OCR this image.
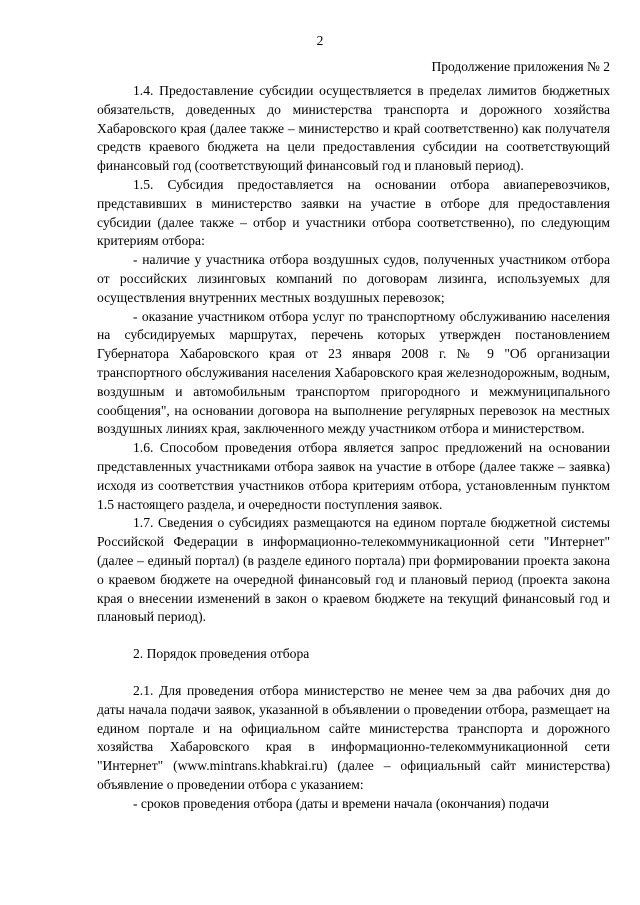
2
Продолжение приложения № 2

1.4. Предоставление субсидии осуществляется в пределах лимитов бюджетных обязательств, доведенных до министерства транспорта и дорожного хозяйства Хабаровского края (далее также – министерство и край соответственно) как получателя средств краевого бюджета на цели предоставления субсидии на соответствующий финансовый год (соответствующий финансовый год и плановый период).

1.5. Субсидия предоставляется на основании отбора авиаперевозчиков, представивших в министерство заявки на участие в отборе для предоставления субсидии (далее также – отбор и участники отбора соответственно), по следующим критериям отбора:

- наличие у участника отбора воздушных судов, полученных участником отбора от российских лизинговых компаний по договорам лизинга, используемых для осуществления внутренних местных воздушных перевозок;

- оказание участником отбора услуг по транспортному обслуживанию населения на субсидируемых маршрутах, перечень которых утвержден постановлением Губернатора Хабаровского края от 23 января 2008 г. № 9 "Об организации транспортного обслуживания населения Хабаровского края железнодорожным, водным, воздушным и автомобильным транспортом пригородного и межмуниципального сообщения", на основании договора на выполнение регулярных перевозок на местных воздушных линиях края, заключенного между участником отбора и министерством.

1.6. Способом проведения отбора является запрос предложений на основании представленных участниками отбора заявок на участие в отборе (далее также – заявка) исходя из соответствия участников отбора критериям отбора, установленным пунктом 1.5 настоящего раздела, и очередности поступления заявок.

1.7. Сведения о субсидиях размещаются на едином портале бюджетной системы Российской Федерации в информационно-телекоммуникационной сети "Интернет" (далее – единый портал) (в разделе единого портала) при формировании проекта закона о краевом бюджете на очередной финансовый год и плановый период (проекта закона края о внесении изменений в закон о краевом бюджете на текущий финансовый год и плановый период).

2. Порядок проведения отбора

2.1. Для проведения отбора министерство не менее чем за два рабочих дня до даты начала подачи заявок, указанной в объявлении о проведении отбора, размещает на едином портале и на официальном сайте министерства транспорта и дорожного хозяйства Хабаровского края в информационно-телекоммуникационной сети "Интернет" (www.mintrans.khabkrai.ru) (далее – официальный сайт министерства) объявление о проведении отбора с указанием:

- сроков проведения отбора (даты и времени начала (окончания) подачи
